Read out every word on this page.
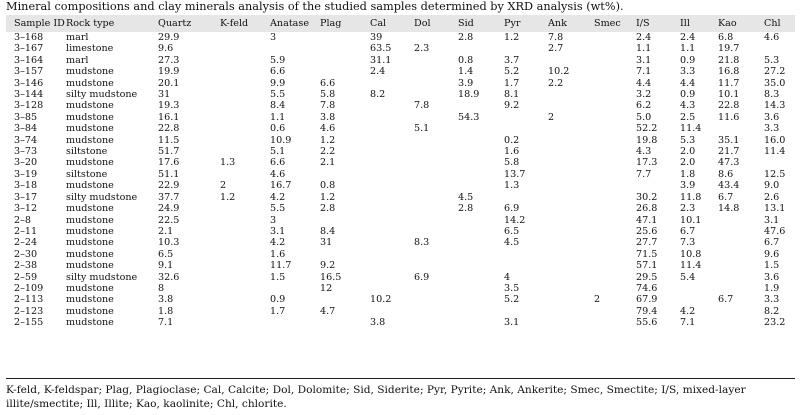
Mineral compositions and clay minerals analysis of the studied samples determined by XRD analysis (wt%).
Sample ID	Rock type	Quartz	K-feld	Anatase	Plag	Cal	Dol	Sid	Pyr	Ank	Smec	I/S	Ill	Kao	Chl
3–168	marl	29.9		3		39		2.8	1.2	7.8		2.4	2.4	6.8	4.6
3–167	limestone	9.6				63.5	2.3			2.7		1.1	1.1	19.7	
3–164	marl	27.3		5.9		31.1		0.8	3.7			3.1	0.9	21.8	5.3
3–157	mudstone	19.9		6.6		2.4		1.4	5.2	10.2		7.1	3.3	16.8	27.2
3–146	mudstone	20.1		9.9	6.6			3.9	1.7	2.2		4.4	4.4	11.7	35.0
3–144	silty mudstone	31		5.5	5.8	8.2		18.9	8.1			3.2	0.9	10.1	8.3
3–128	mudstone	19.3		8.4	7.8		7.8		9.2			6.2	4.3	22.8	14.3
3–85	mudstone	16.1		1.1	3.8			54.3		2		5.0	2.5	11.6	3.6
3–84	mudstone	22.8		0.6	4.6		5.1					52.2	11.4		3.3
3–74	mudstone	11.5		10.9	1.2				0.2			19.8	5.3	35.1	16.0
3–73	siltstone	51.7		5.1	2.2				1.6			4.3	2.0	21.7	11.4
3–20	mudstone	17.6	1.3	6.6	2.1				5.8			17.3	2.0	47.3	
3–19	siltstone	51.1		4.6					13.7			7.7	1.8	8.6	12.5
3–18	mudstone	22.9	2	16.7	0.8				1.3				3.9	43.4	9.0
3–17	silty mudstone	37.7	1.2	4.2	1.2			4.5				30.2	11.8	6.7	2.6
3–12	mudstone	24.9		5.5	2.8			2.8	6.9			26.8	2.3	14.8	13.1
2–8	mudstone	22.5		3					14.2			47.1	10.1		3.1
2–11	mudstone	2.1		3.1	8.4				6.5			25.6	6.7		47.6
2–24	mudstone	10.3		4.2	31		8.3		4.5			27.7	7.3		6.7
2–30	mudstone	6.5		1.6								71.5	10.8		9.6
2–38	mudstone	9.1		11.7	9.2							57.1	11.4		1.5
2–59	silty mudstone	32.6		1.5	16.5		6.9		4			29.5	5.4		3.6
2–109	mudstone	8			12				3.5			74.6			1.9
2–113	mudstone	3.8		0.9		10.2			5.2		2	67.9		6.7	3.3
2–123	mudstone	1.8		1.7	4.7							79.4	4.2		8.2
2–155	mudstone	7.1				3.8			3.1			55.6	7.1		23.2
K-feld, K-feldspar; Plag, Plagioclase; Cal, Calcite; Dol, Dolomite; Sid, Siderite; Pyr, Pyrite; Ank, Ankerite; Smec, Smectite; I/S, mixed-layer illite/smectite; Ill, Illite; Kao, kaolinite; Chl, chlorite.
